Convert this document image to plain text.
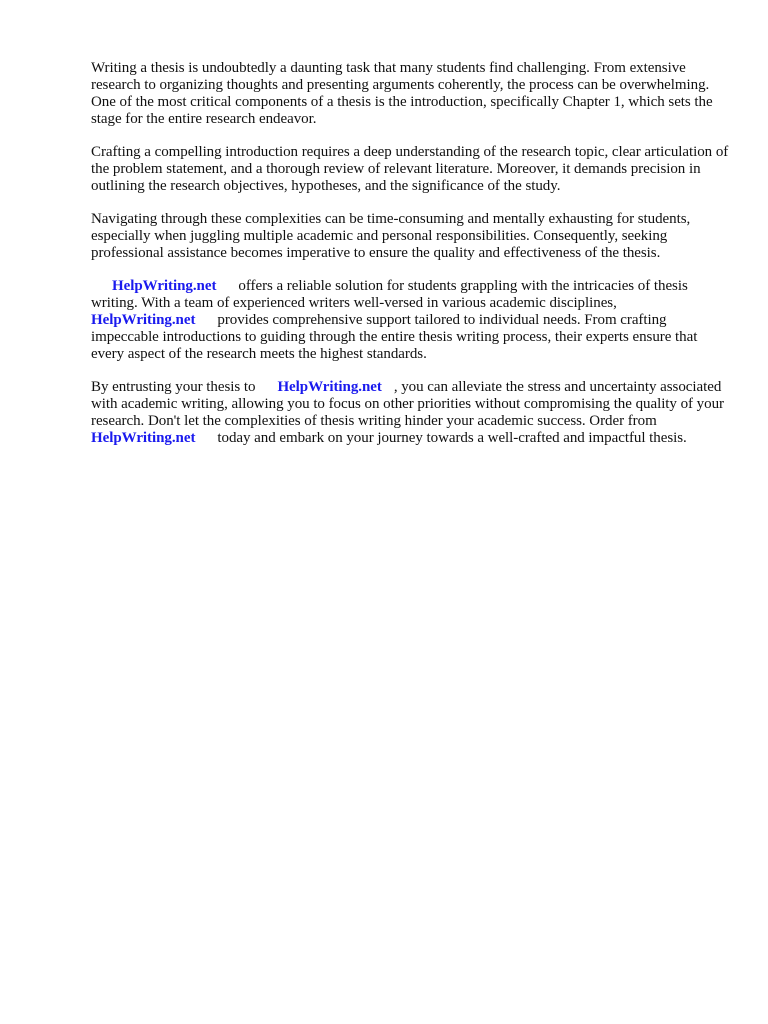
Writing a thesis is undoubtedly a daunting task that many students find challenging. From extensive research to organizing thoughts and presenting arguments coherently, the process can be overwhelming. One of the most critical components of a thesis is the introduction, specifically Chapter 1, which sets the stage for the entire research endeavor.

Crafting a compelling introduction requires a deep understanding of the research topic, clear articulation of the problem statement, and a thorough review of relevant literature. Moreover, it demands precision in outlining the research objectives, hypotheses, and the significance of the study.

Navigating through these complexities can be time-consuming and mentally exhausting for students, especially when juggling multiple academic and personal responsibilities. Consequently, seeking professional assistance becomes imperative to ensure the quality and effectiveness of the thesis.

HelpWriting.net offers a reliable solution for students grappling with the intricacies of thesis writing. With a team of experienced writers well-versed in various academic disciplines,
HelpWriting.net provides comprehensive support tailored to individual needs. From crafting impeccable introductions to guiding through the entire thesis writing process, their experts ensure that every aspect of the research meets the highest standards.

By entrusting your thesis to HelpWriting.net , you can alleviate the stress and uncertainty associated with academic writing, allowing you to focus on other priorities without compromising the quality of your research. Don't let the complexities of thesis writing hinder your academic success. Order fromHelpWriting.net today and embark on your journey towards a well-crafted and impactful thesis.
